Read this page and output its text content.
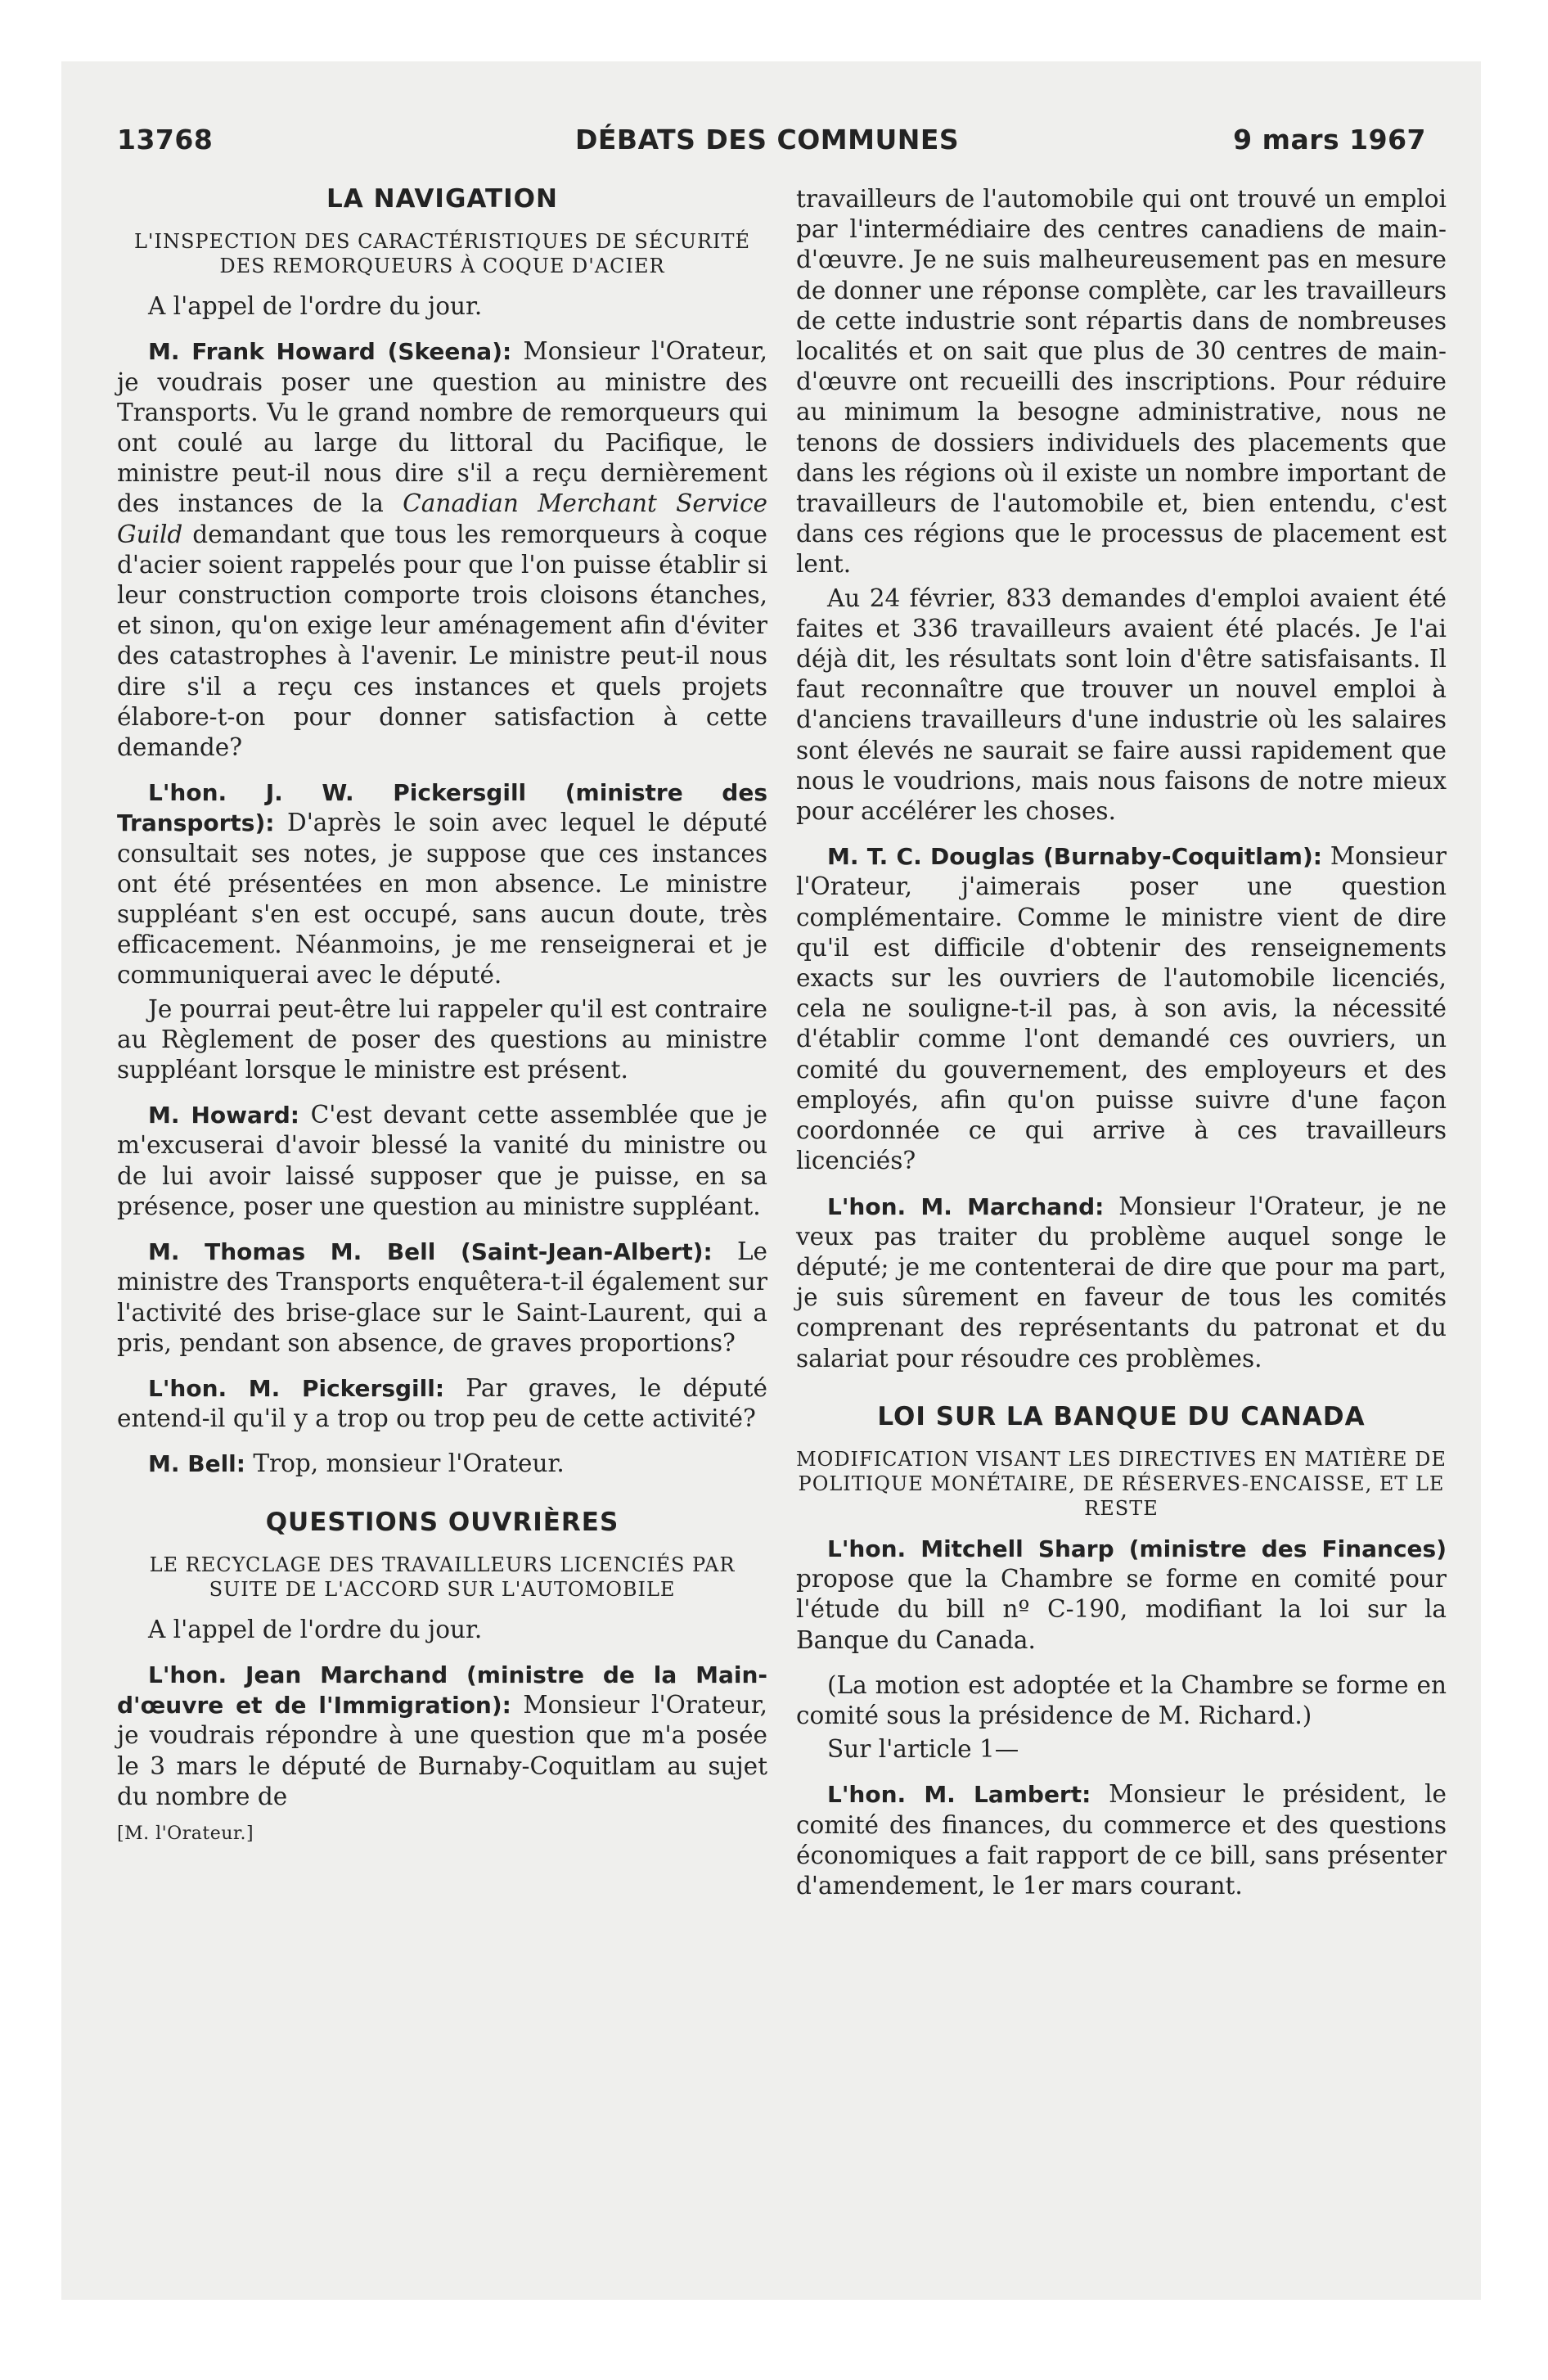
13768	DÉBATS DES COMMUNES	9 mars 1967
LA NAVIGATION
L'INSPECTION DES CARACTÉRISTIQUES DE SÉCURITÉ DES REMORQUEURS À COQUE D'ACIER

A l'appel de l'ordre du jour.

M. Frank Howard (Skeena): Monsieur l'Orateur, je voudrais poser une question au ministre des Transports. Vu le grand nombre de remorqueurs qui ont coulé au large du littoral du Pacifique, le ministre peut-il nous dire s'il a reçu dernièrement des instances de la Canadian Merchant Service Guild demandant que tous les remorqueurs à coque d'acier soient rappelés pour que l'on puisse établir si leur construction comporte trois cloisons étanches, et sinon, qu'on exige leur aménagement afin d'éviter des catastrophes à l'avenir. Le ministre peut-il nous dire s'il a reçu ces instances et quels projets élabore-t-on pour donner satisfaction à cette demande?

L'hon. J. W. Pickersgill (ministre des Transports): D'après le soin avec lequel le député consultait ses notes, je suppose que ces instances ont été présentées en mon absence. Le ministre suppléant s'en est occupé, sans aucun doute, très efficacement. Néanmoins, je me renseignerai et je communiquerai avec le député.

Je pourrai peut-être lui rappeler qu'il est contraire au Règlement de poser des questions au ministre suppléant lorsque le ministre est présent.

M. Howard: C'est devant cette assemblée que je m'excuserai d'avoir blessé la vanité du ministre ou de lui avoir laissé supposer que je puisse, en sa présence, poser une question au ministre suppléant.

M. Thomas M. Bell (Saint-Jean-Albert): Le ministre des Transports enquêtera-t-il également sur l'activité des brise-glace sur le Saint-Laurent, qui a pris, pendant son absence, de graves proportions?

L'hon. M. Pickersgill: Par graves, le député entend-il qu'il y a trop ou trop peu de cette activité?

M. Bell: Trop, monsieur l'Orateur.

QUESTIONS OUVRIÈRES
LE RECYCLAGE DES TRAVAILLEURS LICENCIÉS PAR SUITE DE L'ACCORD SUR L'AUTOMOBILE

A l'appel de l'ordre du jour.

L'hon. Jean Marchand (ministre de la Main-d'œuvre et de l'Immigration): Monsieur l'Orateur, je voudrais répondre à une question que m'a posée le 3 mars le député de Burnaby-Coquitlam au sujet du nombre de

[M. l'Orateur.]

travailleurs de l'automobile qui ont trouvé un emploi par l'intermédiaire des centres canadiens de main-d'œuvre. Je ne suis malheureusement pas en mesure de donner une réponse complète, car les travailleurs de cette industrie sont répartis dans de nombreuses localités et on sait que plus de 30 centres de main-d'œuvre ont recueilli des inscriptions. Pour réduire au minimum la besogne administrative, nous ne tenons de dossiers individuels des placements que dans les régions où il existe un nombre important de travailleurs de l'automobile et, bien entendu, c'est dans ces régions que le processus de placement est lent.

Au 24 février, 833 demandes d'emploi avaient été faites et 336 travailleurs avaient été placés. Je l'ai déjà dit, les résultats sont loin d'être satisfaisants. Il faut reconnaître que trouver un nouvel emploi à d'anciens travailleurs d'une industrie où les salaires sont élevés ne saurait se faire aussi rapidement que nous le voudrions, mais nous faisons de notre mieux pour accélérer les choses.

M. T. C. Douglas (Burnaby-Coquitlam): Monsieur l'Orateur, j'aimerais poser une question complémentaire. Comme le ministre vient de dire qu'il est difficile d'obtenir des renseignements exacts sur les ouvriers de l'automobile licenciés, cela ne souligne-t-il pas, à son avis, la nécessité d'établir comme l'ont demandé ces ouvriers, un comité du gouvernement, des employeurs et des employés, afin qu'on puisse suivre d'une façon coordonnée ce qui arrive à ces travailleurs licenciés?

L'hon. M. Marchand: Monsieur l'Orateur, je ne veux pas traiter du problème auquel songe le député; je me contenterai de dire que pour ma part, je suis sûrement en faveur de tous les comités comprenant des représentants du patronat et du salariat pour résoudre ces problèmes.

LOI SUR LA BANQUE DU CANADA
MODIFICATION VISANT LES DIRECTIVES EN MATIÈRE DE POLITIQUE MONÉTAIRE, DE RÉSERVES-ENCAISSE, ET LE RESTE

L'hon. Mitchell Sharp (ministre des Finances) propose que la Chambre se forme en comité pour l'étude du bill nº C-190, modifiant la loi sur la Banque du Canada.

(La motion est adoptée et la Chambre se forme en comité sous la présidence de M. Richard.)

Sur l'article 1—

L'hon. M. Lambert: Monsieur le président, le comité des finances, du commerce et des questions économiques a fait rapport de ce bill, sans présenter d'amendement, le 1er mars courant.
